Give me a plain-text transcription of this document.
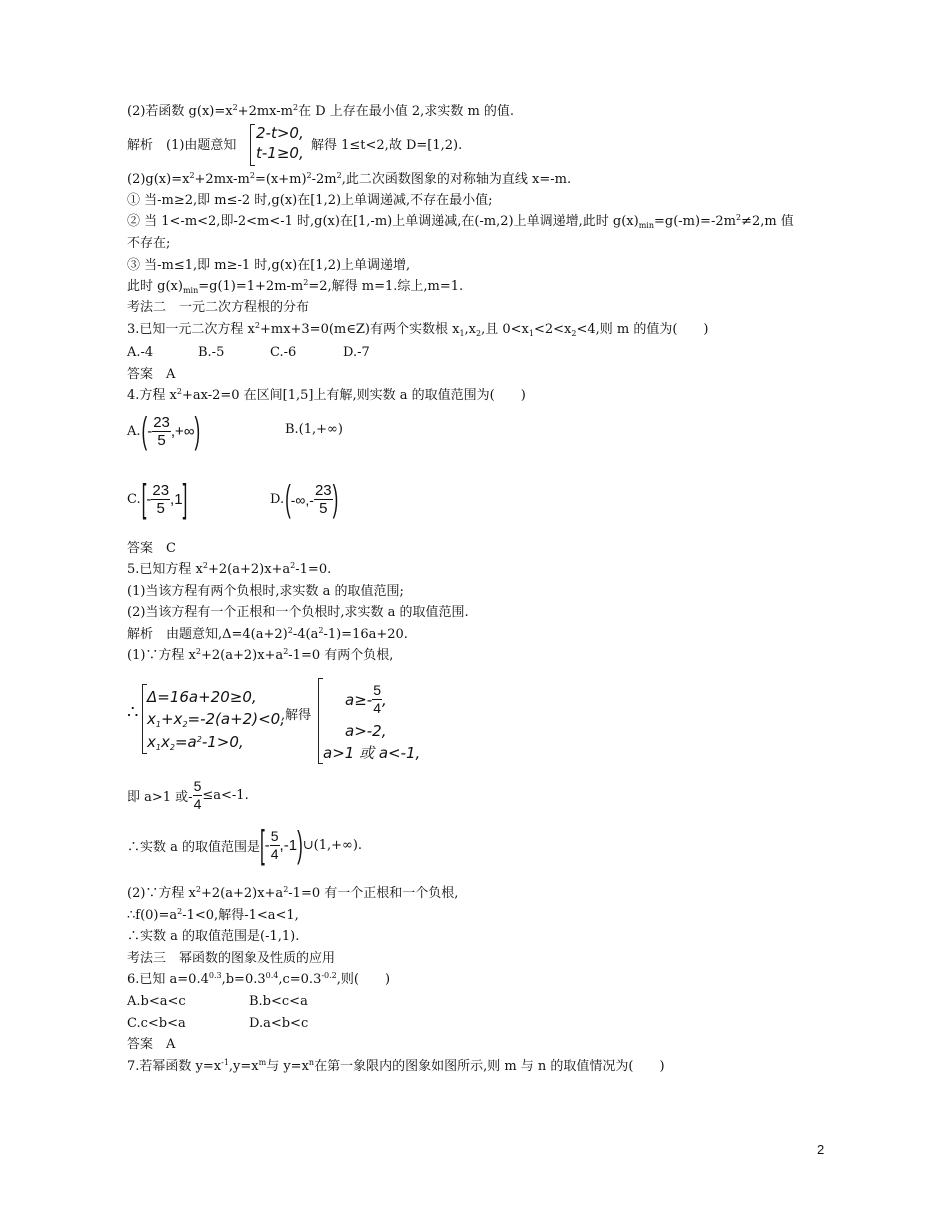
(2)若函数 $g(x)=x^2+2mx-m^2$在 D 上存在最小值 2,求实数 m 的值.
解析　(1)由题意知
2-t>0,
t-1≥0, 解得 1≤t<2,故 D=[1,2).
$(2)g(x)=x^2+2mx-m^2=(x+m)^2-2m^2$,此二次函数图象的对称轴为直线 x=-m.
① 当-m≥2,即 m≤-2 时,g(x)在[1,2)上单调递减,不存在最小值;
② 当 1<-m<2,即-2<m<-1 时,g(x)在[1,-m)上单调递减,在(-m,2)上单调递增,此时 $g(x)_{min}=g(-m)=-2m^2\ne 2,m$ 值
不存在;
③ 当-m≤1,即 m≥-1 时,g(x)在[1,2)上单调递增,
此时 $g(x)_{min}=g(1)=1+2m-m^2=2$,解得 m=1.综上,m=1.
考法二　一元二次方程根的分布
3.已知一元二次方程 $x^2+mx+3=0(m\in Z)$有两个实数根 $x_1,x_2$,且 $0<x_1<2<x_2<4$,则 m 的值为(　　)
A.-4	B.-5	C.-6	D.-7
答案　A
4.方程 $x^2+ax-2=0$ 在区间[1,5]上有解,则实数 a 的取值范围为(　　)
A. ( - $\frac{23}{5}$ ,+∞ )	B.(1,+∞)
C. [ - $\frac{23}{5} ,1$ ]	D. ( -∞,- $\frac{23}{5}$ )
答案　C
5.已知方程 $x^2+2(a+2)x+a^2-1=0$.
(1)当该方程有两个负根时,求实数 a 的取值范围;
(2)当该方程有一个正根和一个负根时,求实数 a 的取值范围.
解析　由题意知$,\Delta=4(a+2)^2-4(a^2-1)=16a+20$.
(1)∵方程 $x^2+2(a+2)x+a^2-1=0$ 有两个负根,
∴
Δ=16a+20≥0,
$x_1+x_2=-2(a+2)<0$,
$x_1x_2=a^2-1>0$,
,解得
$a\ge- \frac{5}{4}$ ,
a>-2,
a>1 或 a<-1,
即 a>1 或- $\frac{5}{4} \le a<-1$.
∴实数 a 的取值范围是 [ - $\frac{5}{4} ,-1$ ) ∪(1,+∞).
(2)∵方程 $x^2+2(a+2)x+a^2-1=0$ 有一个正根和一个负根,
$\therefore f(0)=a^2-1<0$,解得-1<a<1,
∴实数 a 的取值范围是(-1,1).
考法三　幂函数的图象及性质的应用
6.已知 $a=0.4^{0.3},b=0.3^{0.4},c=0.3^{-0.2}$,则(　　)
A.b<a<c	B.b<c<a
C.c<b<a	D.a<b<c
答案　A
7.若幂函数 $y=x^{-1},y=x^m$与 $y=x^n$在第一象限内的图象如图所示,则 m 与 n 的取值情况为(　　)
2
